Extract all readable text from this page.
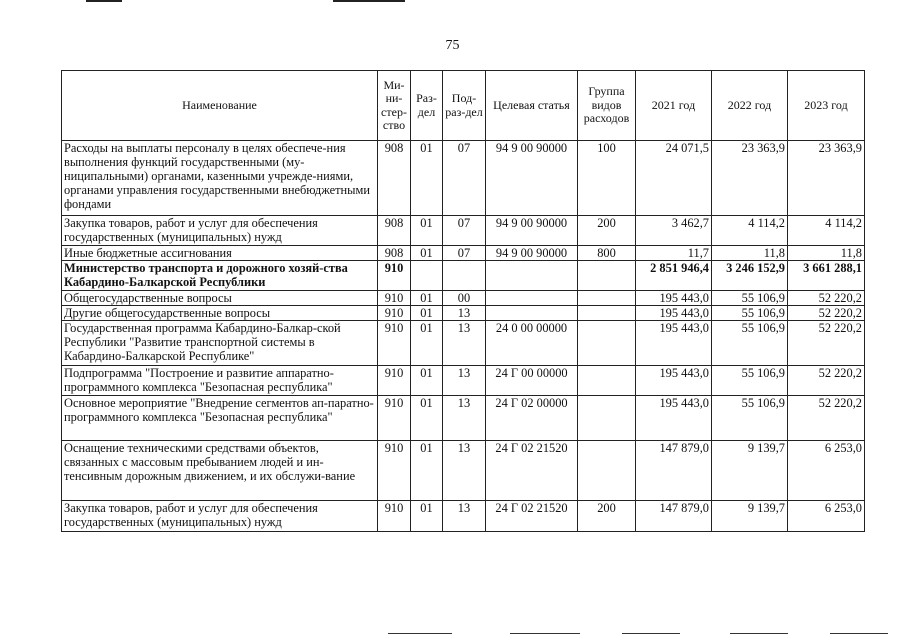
75
Наименование	Ми-ни-стер-ство	Раз-дел	Под-раз-дел	Целевая статья	Группа видов расходов	2021 год	2022 год	2023 год
Расходы на выплаты персоналу в целях обеспече-ния выполнения функций государственными (му-ниципальными) органами, казенными учрежде-ниями, органами управления государственными внебюджетными фондами	908	01	07	94 9 00 90000	100	24 071,5	23 363,9	23 363,9
Закупка товаров, работ и услуг для обеспечения государственных (муниципальных) нужд	908	01	07	94 9 00 90000	200	3 462,7	4 114,2	4 114,2
Иные бюджетные ассигнования	908	01	07	94 9 00 90000	800	11,7	11,8	11,8
Министерство транспорта и дорожного хозяй-ства Кабардино-Балкарской Республики	910					2 851 946,4	3 246 152,9	3 661 288,1
Общегосударственные вопросы	910	01	00			195 443,0	55 106,9	52 220,2
Другие общегосударственные вопросы	910	01	13			195 443,0	55 106,9	52 220,2
Государственная программа Кабардино-Балкар-ской Республики "Развитие транспортной системы в Кабардино-Балкарской Республике"	910	01	13	24 0 00 00000		195 443,0	55 106,9	52 220,2
Подпрограмма "Построение и развитие аппаратно-программного комплекса "Безопасная республика"	910	01	13	24 Г 00 00000		195 443,0	55 106,9	52 220,2
Основное мероприятие "Внедрение сегментов ап-паратно-программного комплекса "Безопасная республика"	910	01	13	24 Г 02 00000		195 443,0	55 106,9	52 220,2
Оснащение техническими средствами объектов, связанных с массовым пребыванием людей и ин-тенсивным дорожным движением, и их обслужи-вание	910	01	13	24 Г 02 21520		147 879,0	9 139,7	6 253,0
Закупка товаров, работ и услуг для обеспечения государственных (муниципальных) нужд	910	01	13	24 Г 02 21520	200	147 879,0	9 139,7	6 253,0
